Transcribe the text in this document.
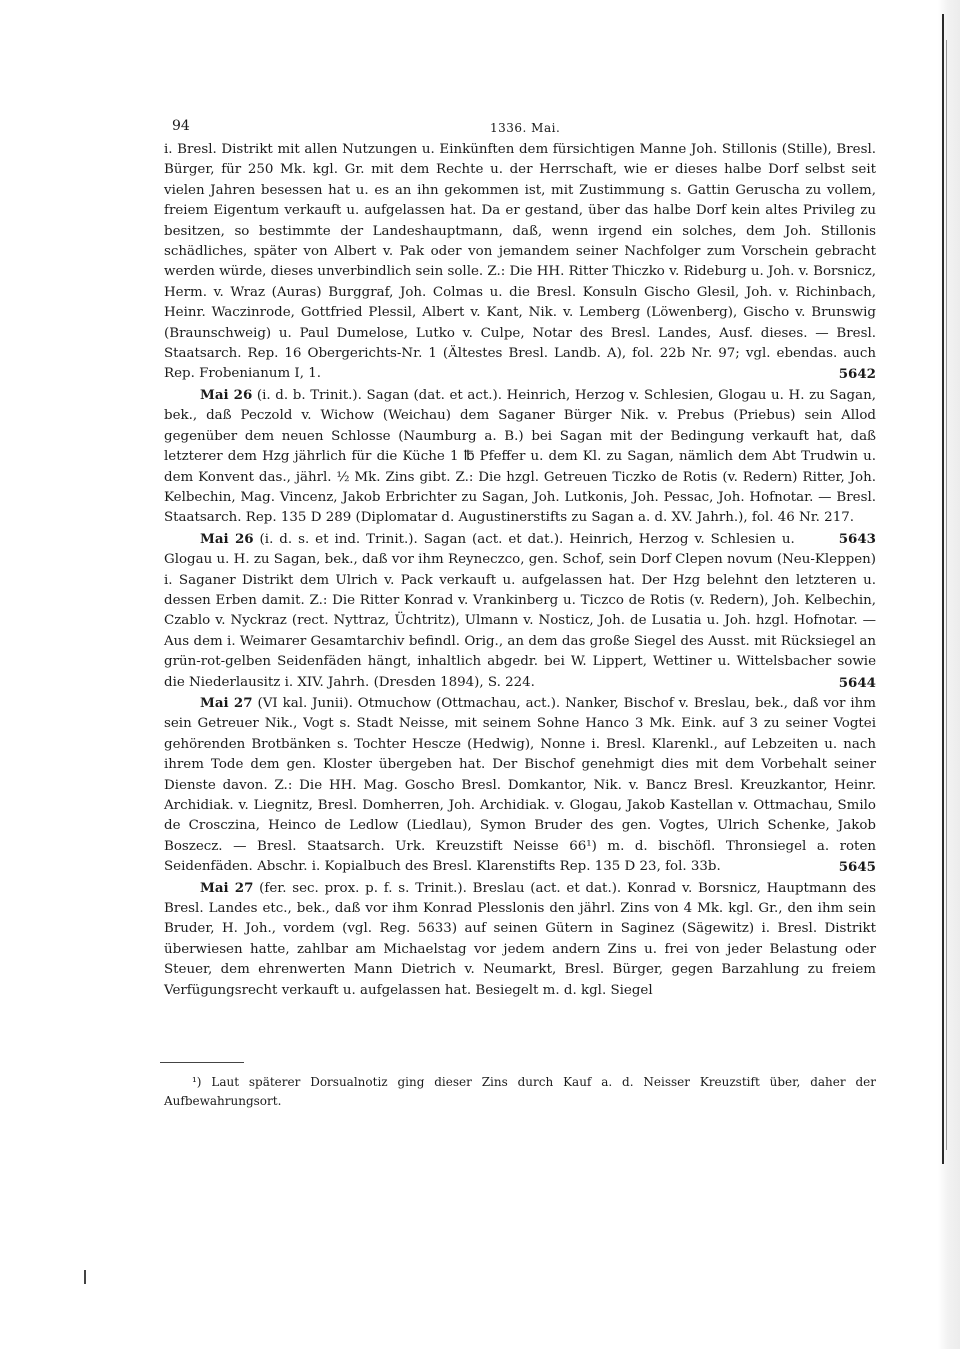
94	1336. Mai.

i. Bresl. Distrikt mit allen Nutzungen u. Einkünften dem fürsichtigen Manne Joh. Stillonis (Stille), Bresl. Bürger, für 250 Mk. kgl. Gr. mit dem Rechte u. der Herrschaft, wie er dieses halbe Dorf selbst seit vielen Jahren besessen hat u. es an ihn gekommen ist, mit Zustimmung s. Gattin Geruscha zu vollem, freiem Eigentum verkauft u. aufgelassen hat. Da er gestand, über das halbe Dorf kein altes Privileg zu besitzen, so bestimmte der Landeshauptmann, daß, wenn irgend ein solches, dem Joh. Stillonis schädliches, später von Albert v. Pak oder von jemandem seiner Nachfolger zum Vorschein gebracht werden würde, dieses unverbindlich sein solle. Z.: Die HH. Ritter Thiczko v. Rideburg u. Joh. v. Borsnicz, Herm. v. Wraz (Auras) Burggraf, Joh. Colmas u. die Bresl. Konsuln Gischo Glesil, Joh. v. Richinbach, Heinr. Waczinrode, Gottfried Plessil, Albert v. Kant, Nik. v. Lemberg (Löwenberg), Gischo v. Brunswig (Braunschweig) u. Paul Dumelose, Lutko v. Culpe, Notar des Bresl. Landes, Ausf. dieses. — Bresl. Staatsarch. Rep. 16 Obergerichts-Nr. 1 (Ältestes Bresl. Landb. A), fol. 22b Nr. 97; vgl. ebendas. auch Rep. Frobenianum I, 1.	5642

Mai 26 (i. d. b. Trinit.). Sagan (dat. et act.). Heinrich, Herzog v. Schlesien, Glogau u. H. zu Sagan, bek., daß Peczold v. Wichow (Weichau) dem Saganer Bürger Nik. v. Prebus (Priebus) sein Allod gegenüber dem neuen Schlosse (Naumburg a. B.) bei Sagan mit der Bedingung verkauft hat, daß letzterer dem Hzg jährlich für die Küche 1 ℔ Pfeffer u. dem Kl. zu Sagan, nämlich dem Abt Trudwin u. dem Konvent das., jährl. ½ Mk. Zins gibt. Z.: Die hzgl. Getreuen Ticzko de Rotis (v. Redern) Ritter, Joh. Kelbechin, Mag. Vincenz, Jakob Erbrichter zu Sagan, Joh. Lutkonis, Joh. Pessac, Joh. Hofnotar. — Bresl. Staatsarch. Rep. 135 D 289 (Diplomatar d. Augustinerstifts zu Sagan a. d. XV. Jahrh.), fol. 46 Nr. 217.
5643

Mai 26 (i. d. s. et ind. Trinit.). Sagan (act. et dat.). Heinrich, Herzog v. Schlesien u. Glogau u. H. zu Sagan, bek., daß vor ihm Reyneczco, gen. Schof, sein Dorf Clepen novum (Neu-Kleppen) i. Saganer Distrikt dem Ulrich v. Pack verkauft u. aufgelassen hat. Der Hzg belehnt den letzteren u. dessen Erben damit. Z.: Die Ritter Konrad v. Vrankinberg u. Ticzco de Rotis (v. Redern), Joh. Kelbechin, Czablo v. Nyckraz (rect. Nyttraz, Üchtritz), Ulmann v. Nosticz, Joh. de Lusatia u. Joh. hzgl. Hofnotar. — Aus dem i. Weimarer Gesamtarchiv befindl. Orig., an dem das große Siegel des Ausst. mit Rücksiegel an grün-rot-gelben Seidenfäden hängt, inhaltlich abgedr. bei W. Lippert, Wettiner u. Wittelsbacher sowie die Niederlausitz i. XIV. Jahrh. (Dresden 1894), S. 224.	5644

Mai 27 (VI kal. Junii). Otmuchow (Ottmachau, act.). Nanker, Bischof v. Breslau, bek., daß vor ihm sein Getreuer Nik., Vogt s. Stadt Neisse, mit seinem Sohne Hanco 3 Mk. Eink. auf 3 zu seiner Vogtei gehörenden Brotbänken s. Tochter Hescze (Hedwig), Nonne i. Bresl. Klarenkl., auf Lebzeiten u. nach ihrem Tode dem gen. Kloster übergeben hat. Der Bischof genehmigt dies mit dem Vorbehalt seiner Dienste davon. Z.: Die HH. Mag. Goscho Bresl. Domkantor, Nik. v. Bancz Bresl. Kreuzkantor, Heinr. Archidiak. v. Liegnitz, Bresl. Domherren, Joh. Archidiak. v. Glogau, Jakob Kastellan v. Ottmachau, Smilo de Crosczina, Heinco de Ledlow (Liedlau), Symon Bruder des gen. Vogtes, Ulrich Schenke, Jakob Boszecz. — Bresl. Staatsarch. Urk. Kreuzstift Neisse 66¹) m. d. bischöfl. Thronsiegel a. roten Seidenfäden. Abschr. i. Kopialbuch des Bresl. Klarenstifts Rep. 135 D 23, fol. 33b.	5645

Mai 27 (fer. sec. prox. p. f. s. Trinit.). Breslau (act. et dat.). Konrad v. Borsnicz, Hauptmann des Bresl. Landes etc., bek., daß vor ihm Konrad Plesslonis den jährl. Zins von 4 Mk. kgl. Gr., den ihm sein Bruder, H. Joh., vordem (vgl. Reg. 5633) auf seinen Gütern in Saginez (Sägewitz) i. Bresl. Distrikt überwiesen hatte, zahlbar am Michaelstag vor jedem andern Zins u. frei von jeder Belastung oder Steuer, dem ehrenwerten Mann Dietrich v. Neumarkt, Bresl. Bürger, gegen Barzahlung zu freiem Verfügungsrecht verkauft u. aufgelassen hat. Besiegelt m. d. kgl. Siegel

¹) Laut späterer Dorsualnotiz ging dieser Zins durch Kauf a. d. Neisser Kreuzstift über, daher der Aufbewahrungsort.
